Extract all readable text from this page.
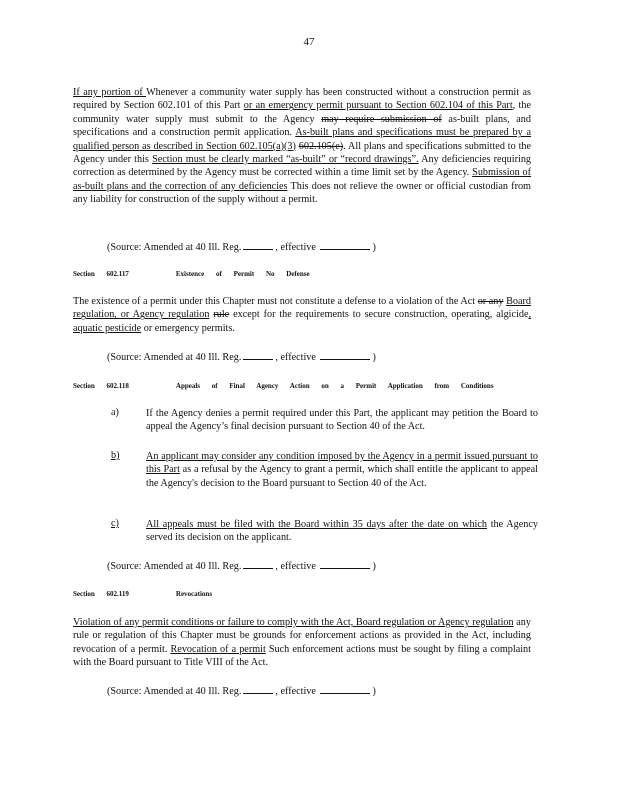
47
If any portion of Whenever a community water supply has been constructed without a construction permit as required by Section 602.101 of this Part or an emergency permit pursuant to Section 602.104 of this Part, the community water supply must submit to the Agency may require submission of as-built plans, and specifications and a construction permit application. As-built plans and specifications must be prepared by a qualified person as described in Section 602.105(a)(3) 602.105(e). All plans and specifications submitted to the Agency under this Section must be clearly marked “as-built” or “record drawings”. Any deficiencies requiring correction as determined by the Agency must be corrected within a time limit set by the Agency. Submission of as-built plans and the correction of any deficiencies This does not relieve the owner or official custodian from any liability for construction of the supply without a permit.
(Source: Amended at 40 Ill. Reg.	, effective	)
Section 602.117	Existence of Permit No Defense
The existence of a permit under this Chapter must not constitute a defense to a violation of the Act or any Board regulation, or Agency regulation rule except for the requirements to secure construction, operating, algicide, aquatic pesticide or emergency permits.
(Source: Amended at 40 Ill. Reg.	, effective	)
Section 602.118	Appeals of Final Agency Action on a Permit Application from Conditions
a)	If the Agency denies a permit required under this Part, the applicant may petition the Board to appeal the Agency’s final decision pursuant to Section 40 of the Act.
b)	An applicant may consider any condition imposed by the Agency in a permit issued pursuant to this Part as a refusal by the Agency to grant a permit, which shall entitle the applicant to appeal the Agency's decision to the Board pursuant to Section 40 of the Act.
c)	All appeals must be filed with the Board within 35 days after the date on which the Agency served its decision on the applicant.
(Source: Amended at 40 Ill. Reg.	, effective	)
Section 602.119	Revocations
Violation of any permit conditions or failure to comply with the Act, Board regulation or Agency regulation any rule or regulation of this Chapter must be grounds for enforcement actions as provided in the Act, including revocation of a permit. Revocation of a permit Such enforcement actions must be sought by filing a complaint with the Board pursuant to Title VIII of the Act.
(Source: Amended at 40 Ill. Reg.	, effective	)
